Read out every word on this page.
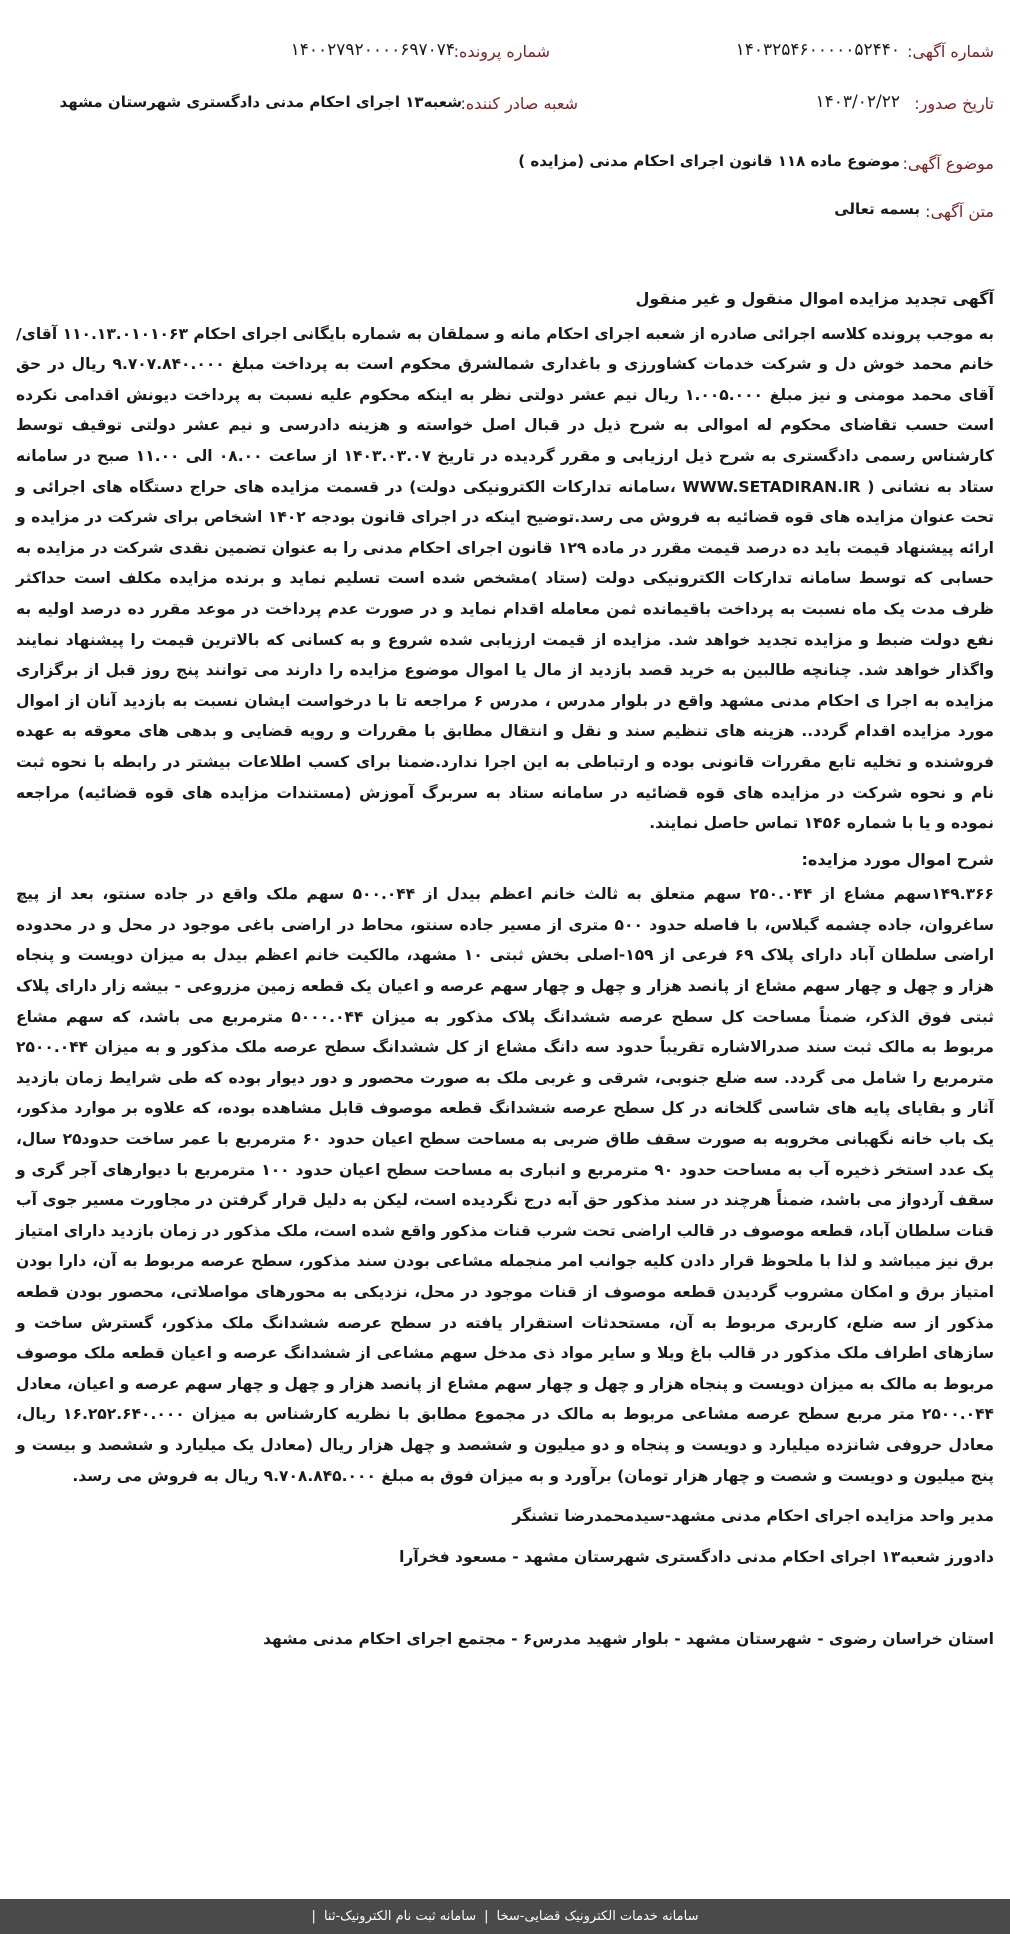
شماره آگهی:
۱۴۰۳۲۵۴۶۰۰۰۰۰۵۲۴۴۰
شماره پرونده:
۱۴۰۰۲۷۹۲۰۰۰۰۶۹۷۰۷۴
تاریخ صدور:
۱۴۰۳/۰۲/۲۲
شعبه صادر کننده:
شعبه۱۳ اجرای احکام مدنی دادگستری شهرستان مشهد
موضوع آگهی:
موضوع ماده ۱۱۸ قانون اجرای احکام مدنی (مزایده )
متن آگهی:
بسمه تعالی
آگهی تجدید مزایده اموال منقول و غیر منقول
به موجب پرونده کلاسه اجرائی صادره از شعبه اجرای احکام مانه و سملقان به شماره بایگانی اجرای احکام ۱۱۰.۱۳.۰۱۰۱۰۶۳ آقای/خانم محمد خوش دل و شرکت خدمات کشاورزی و باغداری شمالشرق محکوم است به پرداخت مبلغ ۹.۷۰۷.۸۴۰.۰۰۰ ریال در حق آقای محمد مومنی و نیز مبلغ ۱.۰۰۵.۰۰۰ ریال نیم عشر دولتی نظر به اینکه محکوم علیه نسبت به پرداخت دیونش اقدامی نکرده است حسب تقاضای محکوم له اموالی به شرح ذیل در قبال اصل خواسته و هزینه دادرسی و نیم عشر دولتی توقیف توسط کارشناس رسمی دادگستری به شرح ذیل ارزیابی و مقرر گردیده در تاریخ ۱۴۰۳.۰۳.۰۷ از ساعت ۰۸.۰۰ الی ۱۱.۰۰ صبح در سامانه ستاد به نشانی ( WWW.SETADIRAN.IR ،سامانه تدارکات الکترونیکی دولت) در قسمت مزایده های حراج دستگاه های اجرائی و تحت عنوان مزایده های قوه قضائیه به فروش می رسد.توضیح اینکه در اجرای قانون بودجه ۱۴۰۲ اشخاص برای شرکت در مزایده و ارائه پیشنهاد قیمت باید ده درصد قیمت مقرر در ماده ۱۲۹ قانون اجرای احکام مدنی را به عنوان تضمین نقدی شرکت در مزایده به حسابی که توسط سامانه تدارکات الکترونیکی دولت (ستاد )مشخص شده است تسلیم نماید و برنده مزایده مکلف است حداکثر ظرف مدت یک ماه نسبت به پرداخت باقیمانده ثمن معامله اقدام نماید و در صورت عدم پرداخت در موعد مقرر ده درصد اولیه به نفع دولت ضبط و مزایده تجدید خواهد شد. مزایده از قیمت ارزیابی شده شروع و به کسانی که بالاترین قیمت را پیشنهاد نمایند واگذار خواهد شد. چنانچه طالبین به خرید قصد بازدید از مال یا اموال موضوع مزایده را دارند می توانند پنج روز قبل از برگزاری مزایده به اجرا ی احکام مدنی مشهد واقع در بلوار مدرس ، مدرس ۶ مراجعه تا با درخواست ایشان نسبت به بازدید آنان از اموال مورد مزایده اقدام گردد.. هزینه های تنظیم سند و نقل و انتقال مطابق با مقررات و رویه قضایی و بدهی های معوقه به عهده فروشنده و تخلیه تابع مقررات قانونی بوده و ارتباطی به این اجرا ندارد.ضمنا برای کسب اطلاعات بیشتر در رابطه با نحوه ثبت نام و نحوه شرکت در مزایده های قوه قضائیه در سامانه ستاد به سربرگ آموزش (مستندات مزایده های قوه قضائیه) مراجعه نموده و یا با شماره ۱۴۵۶ تماس حاصل نمایند.
شرح اموال مورد مزایده:
۱۴۹.۳۶۶سهم مشاع از ۲۵۰.۰۴۴ سهم متعلق به ثالث خانم اعظم بیدل از ۵۰۰.۰۴۴ سهم ملک واقع در جاده سنتو، بعد از پیچ ساغروان، جاده چشمه گیلاس، با فاصله حدود ۵۰۰ متری از مسیر جاده سنتو، محاط در اراضی باغی موجود در محل و در محدوده اراضی سلطان آباد دارای پلاک ۶۹ فرعی از ۱۵۹-اصلی بخش ثبتی ۱۰ مشهد، مالکیت خانم اعظم بیدل به میزان دویست و پنجاه هزار و چهل و چهار سهم مشاع از پانصد هزار و چهل و چهار سهم عرصه و اعیان یک قطعه زمین مزروعی - بیشه زار دارای پلاک ثبتی فوق الذکر، ضمناً مساحت کل سطح عرصه ششدانگ پلاک مذکور به میزان ۵۰۰۰.۰۴۴ مترمربع می باشد، که سهم مشاع مربوط به مالک ثبت سند صدرالاشاره تقریباً حدود سه دانگ مشاع از کل ششدانگ سطح عرصه ملک مذکور و به میزان ۲۵۰۰.۰۴۴ مترمربع را شامل می گردد. سه ضلع جنوبی، شرقی و غربی ملک به صورت محصور و دور دیوار بوده که طی شرایط زمان بازدید آثار و بقایای پایه های شاسی گلخانه در کل سطح عرصه ششدانگ قطعه موصوف قابل مشاهده بوده، که علاوه بر موارد مذکور، یک باب خانه نگهبانی مخروبه به صورت سقف طاق ضربی به مساحت سطح اعیان حدود ۶۰ مترمربع با عمر ساخت حدود۲۵ سال، یک عدد استخر ذخیره آب به مساحت حدود ۹۰ مترمربع و انباری به مساحت سطح اعیان حدود ۱۰۰ مترمربع با دیوارهای آجر گری و سقف آردواز می باشد، ضمناً هرچند در سند مذکور حق آبه درج نگردیده است، لیکن به دلیل قرار گرفتن در مجاورت مسیر جوی آب قنات سلطان آباد، قطعه موصوف در قالب اراضی تحت شرب قنات مذکور واقع شده است، ملک مذکور در زمان بازدید دارای امتیاز برق نیز میباشد و لذا با ملحوظ قرار دادن کلیه جوانب امر منجمله مشاعی بودن سند مذکور، سطح عرصه مربوط به آن، دارا بودن امتیاز برق و امکان مشروب گردیدن قطعه موصوف از قنات موجود در محل، نزدیکی به محورهای مواصلاتی، محصور بودن قطعه مذکور از سه ضلع، کاربری مربوط به آن، مستحدثات استقرار یافته در سطح عرصه ششدانگ ملک مذکور، گسترش ساخت و سازهای اطراف ملک مذکور در قالب باغ ویلا و سایر مواد ذی مدخل سهم مشاعی از ششدانگ عرصه و اعیان قطعه ملک موصوف مربوط به مالک به میزان دویست و پنجاه هزار و چهل و چهار سهم مشاع از پانصد هزار و چهل و چهار سهم عرصه و اعیان، معادل ۲۵۰۰.۰۴۴ متر مربع سطح عرصه مشاعی مربوط به مالک در مجموع مطابق با نظریه کارشناس به میزان ۱۶.۲۵۲.۶۴۰.۰۰۰ ریال، معادل حروفی شانزده میلیارد و دویست و پنجاه و دو میلیون و ششصد و چهل هزار ریال (معادل یک میلیارد و ششصد و بیست و پنج میلیون و دویست و شصت و چهار هزار تومان) برآورد و به میزان فوق به مبلغ ۹.۷۰۸.۸۴۵.۰۰۰ ریال به فروش می رسد.
مدیر واحد مزایده اجرای احکام مدنی مشهد-سیدمحمدرضا تشنگر
دادورز شعبه۱۳ اجرای احکام مدنی دادگستری شهرستان مشهد - مسعود فخرآرا
استان خراسان رضوی - شهرستان مشهد - بلوار شهید مدرس۶ - مجتمع اجرای احکام مدنی مشهد
سامانه خدمات الکترونیک قضایی-سخا
|
سامانه ثبت نام الکترونیک-ثنا
|
